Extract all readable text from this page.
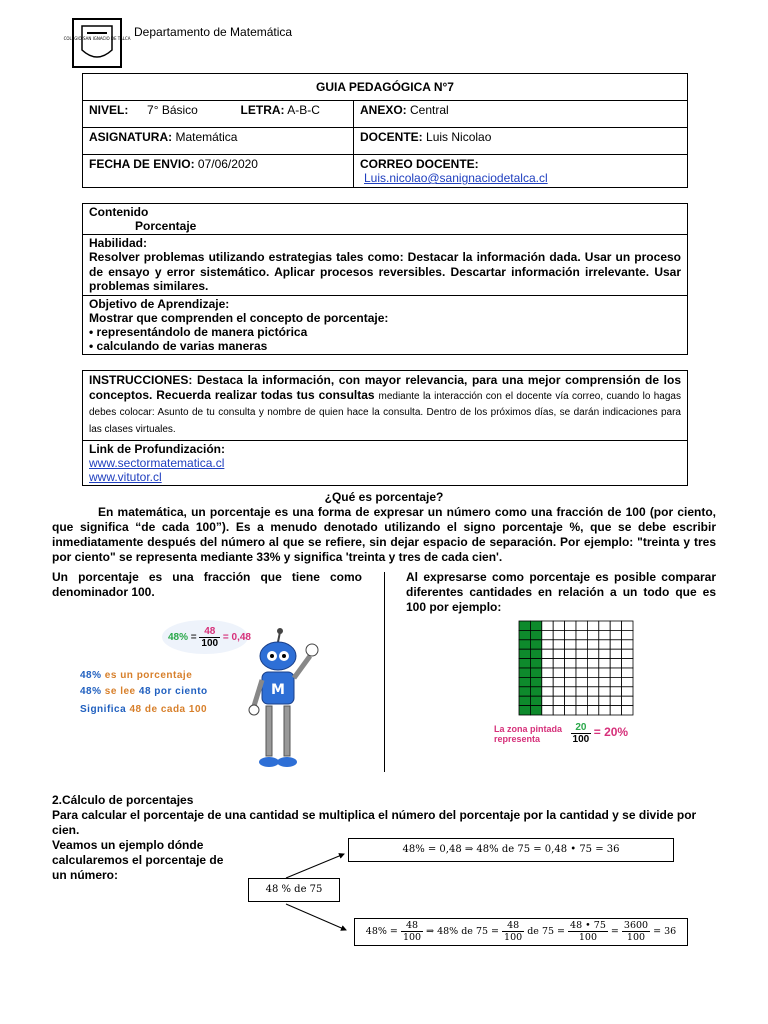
COLEGIO SAN IGNACIO DE TALCA Departamento de Matemática
GUIA PEDAGÓGICA N°7	
NIVEL: 7° Básico LETRA: A-B-C	ANEXO: Central
ASIGNATURA: Matemática	DOCENTE: Luis Nicolao
FECHA DE ENVIO: 07/06/2020	CORREO DOCENTE:
Luis.nicolao@sanignaciodetalca.cl
Contenido
Porcentaje
Habilidad:
Resolver problemas utilizando estrategias tales como: Destacar la información dada. Usar un proceso de ensayo y error sistemático. Aplicar procesos reversibles. Descartar información irrelevante. Usar problemas similares.
Objetivo de Aprendizaje:
Mostrar que comprenden el concepto de porcentaje:
• representándolo de manera pictórica
• calculando de varias maneras
INSTRUCCIONES: Destaca la información, con mayor relevancia, para una mejor comprensión de los conceptos. Recuerda realizar todas tus consultas mediante la interacción con el docente vía correo, cuando lo hagas debes colocar: Asunto de tu consulta y nombre de quien hace la consulta. Dentro de los próximos días, se darán indicaciones para las clases virtuales.
Link de Profundización:
www.sectormatematica.cl
www.vitutor.cl
¿Qué es porcentaje?
En matemática, un porcentaje es una forma de expresar un número como una fracción de 100 (por ciento, que significa “de cada 100”). Es a menudo denotado utilizando el signo porcentaje %, que se debe escribir inmediatamente después del número al que se refiere, sin dejar espacio de separación. Por ejemplo: "treinta y tres por ciento" se representa mediante 33% y significa 'treinta y tres de cada cien'.
Un porcentaje es una fracción que tiene como denominador 100.
Al expresarse como porcentaje es posible comparar diferentes cantidades en relación a un todo que es 100 por ejemplo:
$48\% = \frac{48}{100} = 0,48$
48% es un porcentaje
48% se lee 48 por ciento
Significa 48 de cada 100
M
La zona pintada
representa
	$\frac{20}{100} = 20\%$
2.Cálculo de porcentajes
Para calcular el porcentaje de una cantidad se multiplica el número del porcentaje por la cantidad y se divide por cien.
Veamos un ejemplo dónde calcularemos el porcentaje de un número:
48 % de 75
48% = 0,48 ⇒ 48% de 75 = 0,48 • 75 = 36
$48\% = \frac{48}{100}$ ⇒ 48% de $75 = \frac{48}{100}$ de $75 = \frac{48 • 75}{100} = \frac{3600}{100} = 36$
